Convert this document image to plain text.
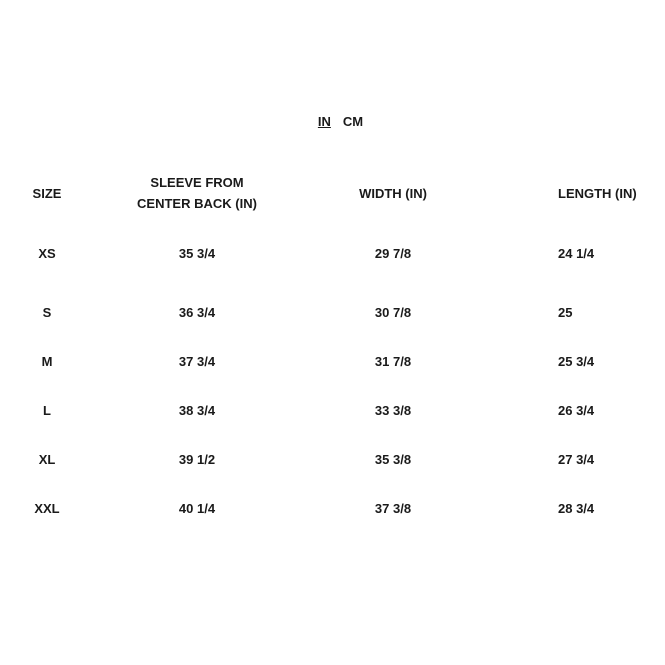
IN CM
SIZE	SLEEVE FROM CENTER BACK (IN)	WIDTH (IN)	LENGTH (IN)
XS	35 3/4	29 7/8	24 1/4
S	36 3/4	30 7/8	25
M	37 3/4	31 7/8	25 3/4
L	38 3/4	33 3/8	26 3/4
XL	39 1/2	35 3/8	27 3/4
XXL	40 1/4	37 3/8	28 3/4
